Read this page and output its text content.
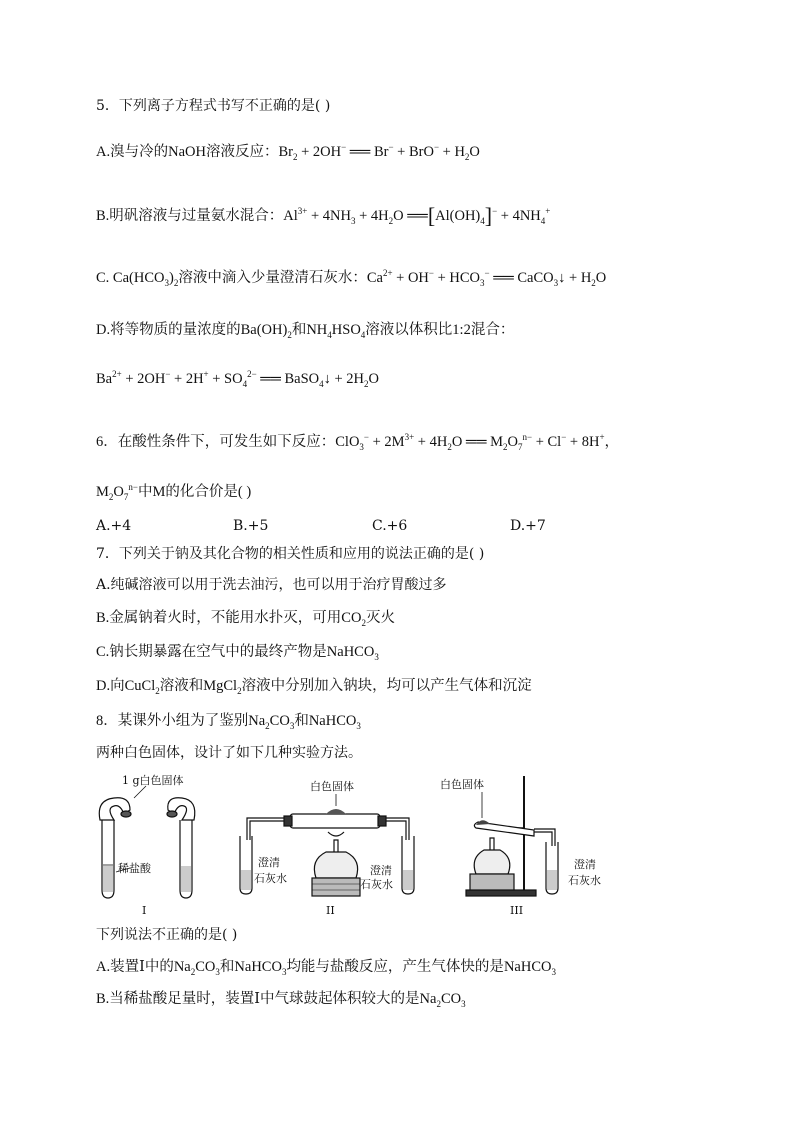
5．下列离子方程式书写不正确的是( )
A.溴与冷的NaOH溶液反应：$Br_2 + 2OH^-$ ══ $Br^- + BrO^- + H_2O$
B.明矾溶液与过量氨水混合：$Al^{3+} + 4NH_3 + 4H_2O$ $══[Al(OH)_4]^- + 4NH_4^+$
C. $Ca(HCO_3)_2$溶液中滴入少量澄清石灰水：$Ca^{2+} + OH^- + HCO_3^-$ ══ CaCO$_3$↓ + $H_2O$
D.将等物质的量浓度的$Ba(OH)_2$和$NH_4HSO_4$溶液以体积比1:2混合：
$Ba^{2+} + 2OH^- + 2H^+ + SO_4^{2-}$ ══ BaSO$_4$↓ + $2H_2O$
6．在酸性条件下，可发生如下反应：$ClO_3^- + 2M^{3+} + 4H_2O$ ══ $M_2O_7^{n-} + Cl^- + 8H^+$，
$M_2O_7^{n-}$中M的化合价是( )
A.+4	B.+5	C.+6	D.+7
7．下列关于钠及其化合物的相关性质和应用的说法正确的是( )
A.纯碱溶液可以用于洗去油污，也可以用于治疗胃酸过多
B.金属钠着火时，不能用水扑灭，可用$CO_2$灭火
C.钠长期暴露在空气中的最终产物是NaHCO$_3$
D.向CuCl$_2$溶液和MgCl$_2$溶液中分别加入钠块，均可以产生气体和沉淀
8．某课外小组为了鉴别$Na_2CO_3$和NaHCO$_3$
两种白色固体，设计了如下几种实验方法。
1 g白色固体
稀盐酸
I
白色固体
澄清
石灰水
澄清
石灰水
II
白色固体
澄清
石灰水
III
下列说法不正确的是( )
A.装置Ⅰ中的$Na_2CO_3$和NaHCO$_3$均能与盐酸反应，产生气体快的是NaHCO$_3$
B.当稀盐酸足量时，装置Ⅰ中气球鼓起体积较大的是$Na_2CO_3$
